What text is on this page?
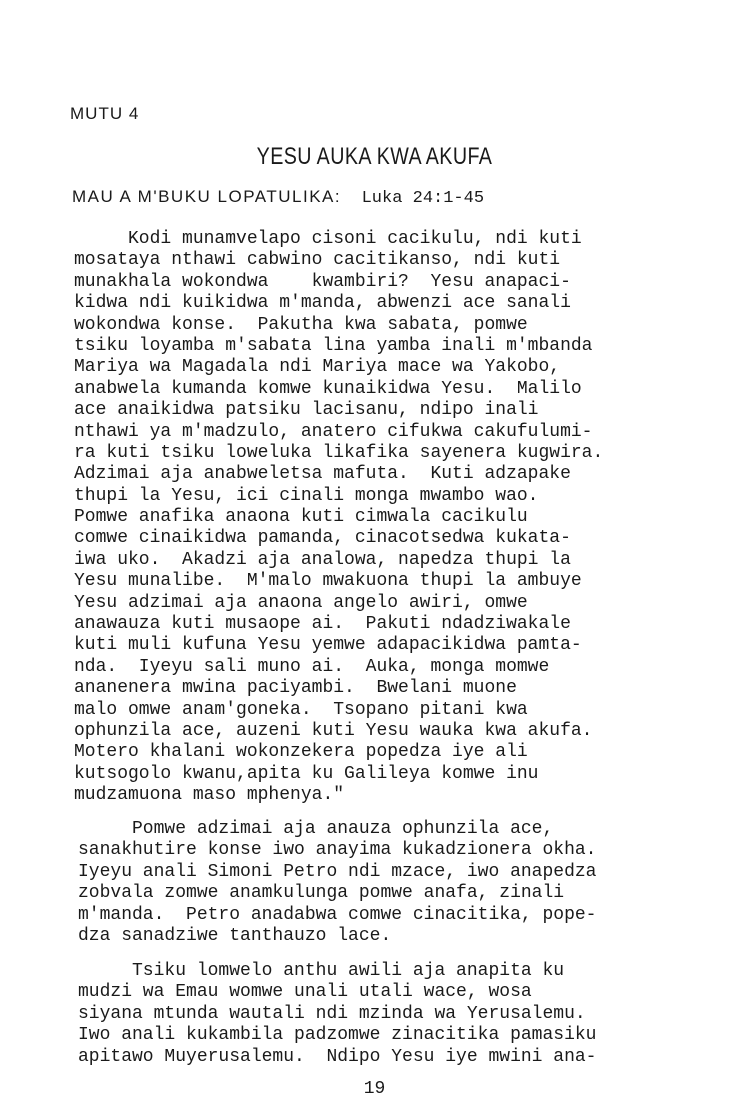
MUTU 4
YESU AUKA KWA AKUFA
MAU A M'BUKU LOPATULIKA: Luka 24:1-45
Kodi munamvelapo cisoni cacikulu, ndi kuti
mosataya nthawi cabwino cacitikanso, ndi kuti
munakhala wokondwa    kwambiri?  Yesu anapaci-
kidwa ndi kuikidwa m'manda, abwenzi ace sanali
wokondwa konse.  Pakutha kwa sabata, pomwe
tsiku loyamba m'sabata lina yamba inali m'mbanda
Mariya wa Magadala ndi Mariya mace wa Yakobo,
anabwela kumanda komwe kunaikidwa Yesu.  Malilo
ace anaikidwa patsiku lacisanu, ndipo inali
nthawi ya m'madzulo, anatero cifukwa cakufulumi-
ra kuti tsiku loweluka likafika sayenera kugwira.
Adzimai aja anabweletsa mafuta.  Kuti adzapake
thupi la Yesu, ici cinali monga mwambo wao.
Pomwe anafika anaona kuti cimwala cacikulu
comwe cinaikidwa pamanda, cinacotsedwa kukata-
iwa uko.  Akadzi aja analowa, napedza thupi la
Yesu munalibe.  M'malo mwakuona thupi la ambuye
Yesu adzimai aja anaona angelo awiri, omwe
anawauza kuti musaope ai.  Pakuti ndadziwakale
kuti muli kufuna Yesu yemwe adapacikidwa pamta-
nda.  Iyeyu sali muno ai.  Auka, monga momwe
ananenera mwina paciyambi.  Bwelani muone
malo omwe anam'goneka.  Tsopano pitani kwa
ophunzila ace, auzeni kuti Yesu wauka kwa akufa.
Motero khalani wokonzekera popedza iye ali
kutsogolo kwanu,apita ku Galileya komwe inu
mudzamuona maso mphenya."
Pomwe adzimai aja anauza ophunzila ace,
sanakhutire konse iwo anayima kukadzionera okha.
Iyeyu anali Simoni Petro ndi mzace, iwo anapedza
zobvala zomwe anamkulunga pomwe anafa, zinali
m'manda.  Petro anadabwa comwe cinacitika, pope-
dza sanadziwe tanthauzo lace.
Tsiku lomwelo anthu awili aja anapita ku
mudzi wa Emau womwe unali utali wace, wosa
siyana mtunda wautali ndi mzinda wa Yerusalemu.
Iwo anali kukambila padzomwe zinacitika pamasiku
apitawo Muyerusalemu.  Ndipo Yesu iye mwini ana-
19
